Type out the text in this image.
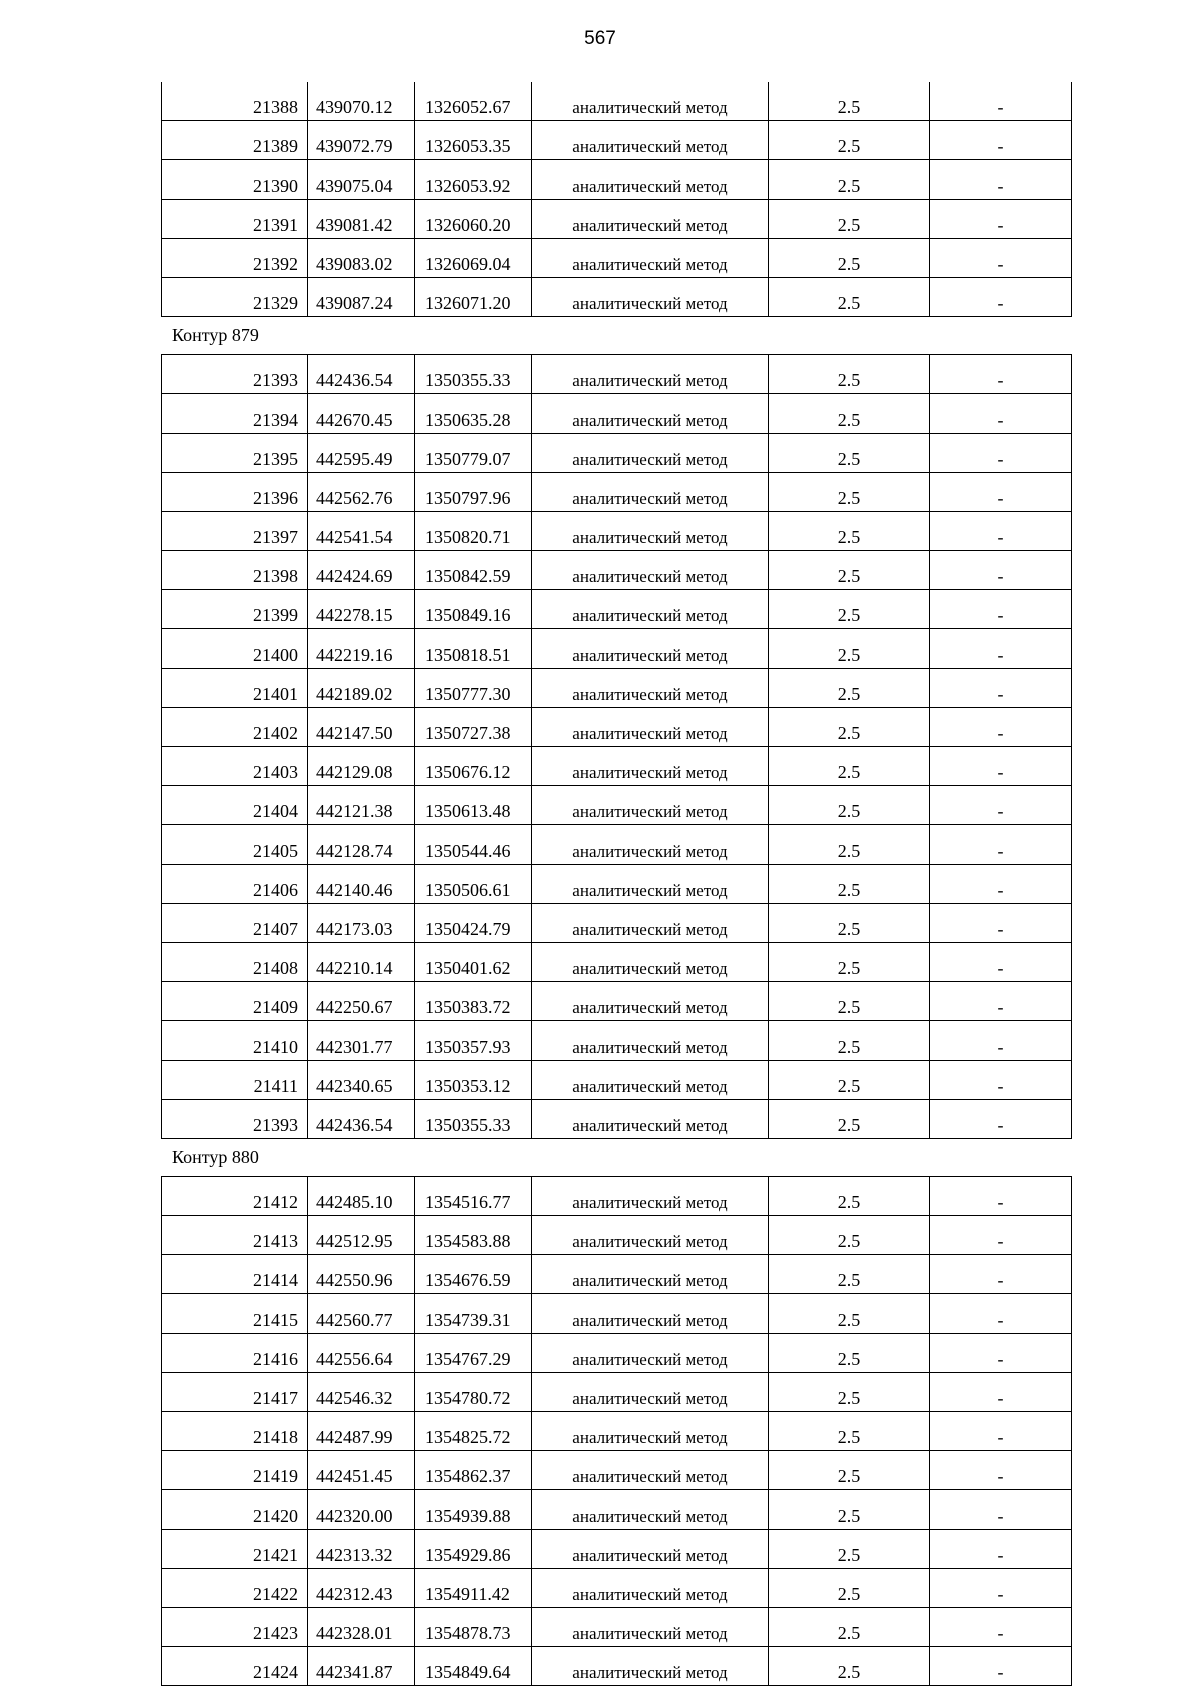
567
21388	439070.12	1326052.67	аналитический метод	2.5	-
21389	439072.79	1326053.35	аналитический метод	2.5	-
21390	439075.04	1326053.92	аналитический метод	2.5	-
21391	439081.42	1326060.20	аналитический метод	2.5	-
21392	439083.02	1326069.04	аналитический метод	2.5	-
21329	439087.24	1326071.20	аналитический метод	2.5	-
Контур 879
21393	442436.54	1350355.33	аналитический метод	2.5	-
21394	442670.45	1350635.28	аналитический метод	2.5	-
21395	442595.49	1350779.07	аналитический метод	2.5	-
21396	442562.76	1350797.96	аналитический метод	2.5	-
21397	442541.54	1350820.71	аналитический метод	2.5	-
21398	442424.69	1350842.59	аналитический метод	2.5	-
21399	442278.15	1350849.16	аналитический метод	2.5	-
21400	442219.16	1350818.51	аналитический метод	2.5	-
21401	442189.02	1350777.30	аналитический метод	2.5	-
21402	442147.50	1350727.38	аналитический метод	2.5	-
21403	442129.08	1350676.12	аналитический метод	2.5	-
21404	442121.38	1350613.48	аналитический метод	2.5	-
21405	442128.74	1350544.46	аналитический метод	2.5	-
21406	442140.46	1350506.61	аналитический метод	2.5	-
21407	442173.03	1350424.79	аналитический метод	2.5	-
21408	442210.14	1350401.62	аналитический метод	2.5	-
21409	442250.67	1350383.72	аналитический метод	2.5	-
21410	442301.77	1350357.93	аналитический метод	2.5	-
21411	442340.65	1350353.12	аналитический метод	2.5	-
21393	442436.54	1350355.33	аналитический метод	2.5	-
Контур 880
21412	442485.10	1354516.77	аналитический метод	2.5	-
21413	442512.95	1354583.88	аналитический метод	2.5	-
21414	442550.96	1354676.59	аналитический метод	2.5	-
21415	442560.77	1354739.31	аналитический метод	2.5	-
21416	442556.64	1354767.29	аналитический метод	2.5	-
21417	442546.32	1354780.72	аналитический метод	2.5	-
21418	442487.99	1354825.72	аналитический метод	2.5	-
21419	442451.45	1354862.37	аналитический метод	2.5	-
21420	442320.00	1354939.88	аналитический метод	2.5	-
21421	442313.32	1354929.86	аналитический метод	2.5	-
21422	442312.43	1354911.42	аналитический метод	2.5	-
21423	442328.01	1354878.73	аналитический метод	2.5	-
21424	442341.87	1354849.64	аналитический метод	2.5	-
